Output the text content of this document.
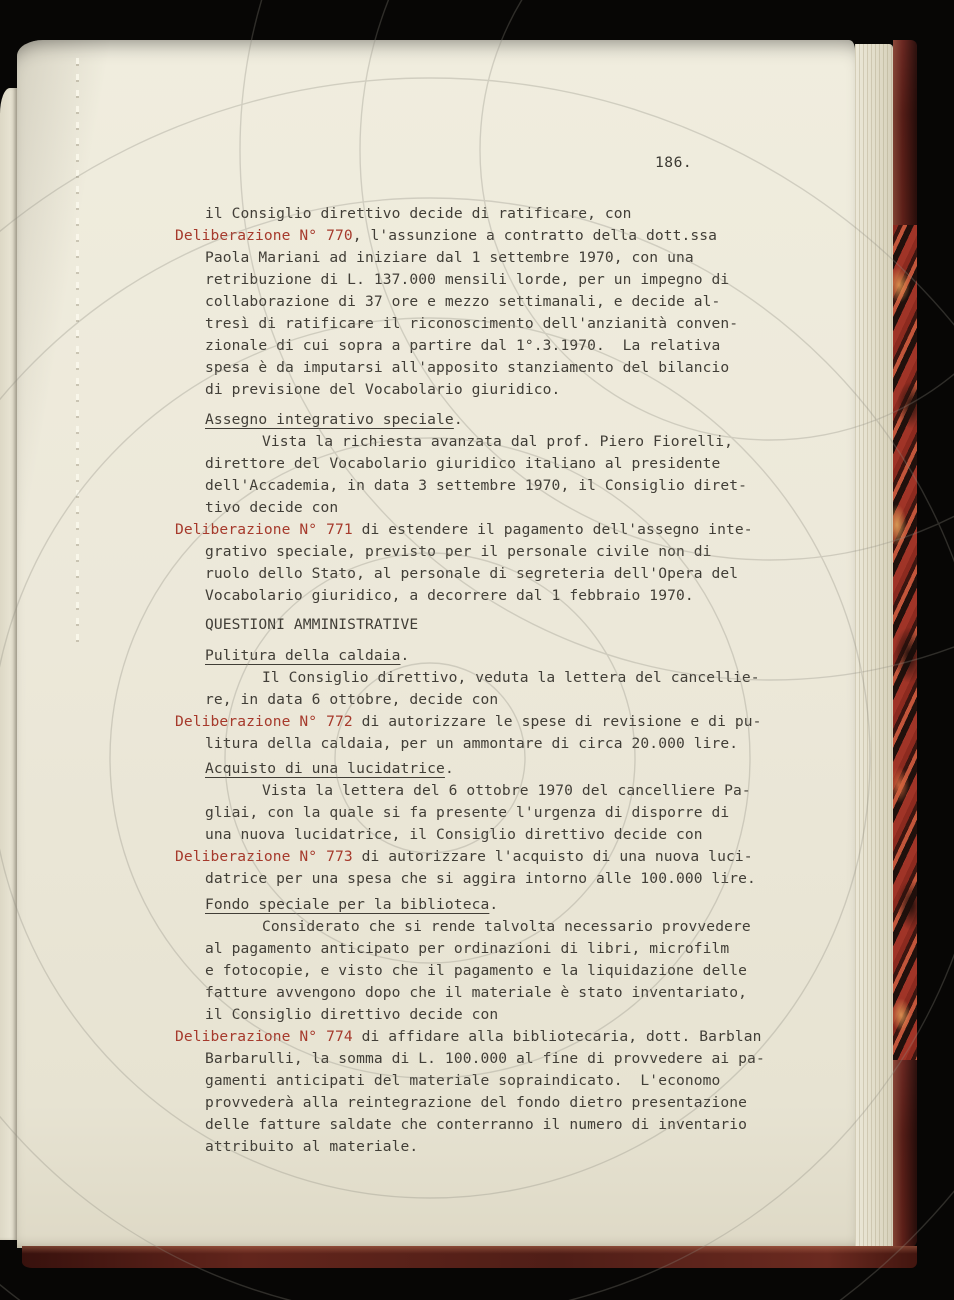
186.
il Consiglio direttivo decide di ratificare, con
Deliberazione N° 770, l'assunzione a contratto della dott.ssa
Paola Mariani ad iniziare dal 1 settembre 1970, con una
retribuzione di L. 137.000 mensili lorde, per un impegno di
collaborazione di 37 ore e mezzo settimanali, e decide al-
tresì di ratificare il riconoscimento dell'anzianità conven-
zionale di cui sopra a partire dal 1°.3.1970.  La relativa
spesa è da imputarsi all'apposito stanziamento del bilancio
di previsione del Vocabolario giuridico.
Assegno integrativo speciale.
Vista la richiesta avanzata dal prof. Piero Fiorelli,
direttore del Vocabolario giuridico italiano al presidente
dell'Accademia, in data 3 settembre 1970, il Consiglio diret-
tivo decide con
Deliberazione N° 771 di estendere il pagamento dell'assegno inte-
grativo speciale, previsto per il personale civile non di
ruolo dello Stato, al personale di segreteria dell'Opera del
Vocabolario giuridico, a decorrere dal 1 febbraio 1970.
QUESTIONI AMMINISTRATIVE
Pulitura della caldaia.
Il Consiglio direttivo, veduta la lettera del cancellie-
re, in data 6 ottobre, decide con
Deliberazione N° 772 di autorizzare le spese di revisione e di pu-
litura della caldaia, per un ammontare di circa 20.000 lire.
Acquisto di una lucidatrice.
Vista la lettera del 6 ottobre 1970 del cancelliere Pa-
gliai, con la quale si fa presente l'urgenza di disporre di
una nuova lucidatrice, il Consiglio direttivo decide con
Deliberazione N° 773 di autorizzare l'acquisto di una nuova luci-
datrice per una spesa che si aggira intorno alle 100.000 lire.
Fondo speciale per la biblioteca.
Considerato che si rende talvolta necessario provvedere
al pagamento anticipato per ordinazioni di libri, microfilm
e fotocopie, e visto che il pagamento e la liquidazione delle
fatture avvengono dopo che il materiale è stato inventariato,
il Consiglio direttivo decide con
Deliberazione N° 774 di affidare alla bibliotecaria, dott. Barblan
Barbarulli, la somma di L. 100.000 al fine di provvedere ai pa-
gamenti anticipati del materiale sopraindicato.  L'economo
provvederà alla reintegrazione del fondo dietro presentazione
delle fatture saldate che conterranno il numero di inventario
attribuito al materiale.
